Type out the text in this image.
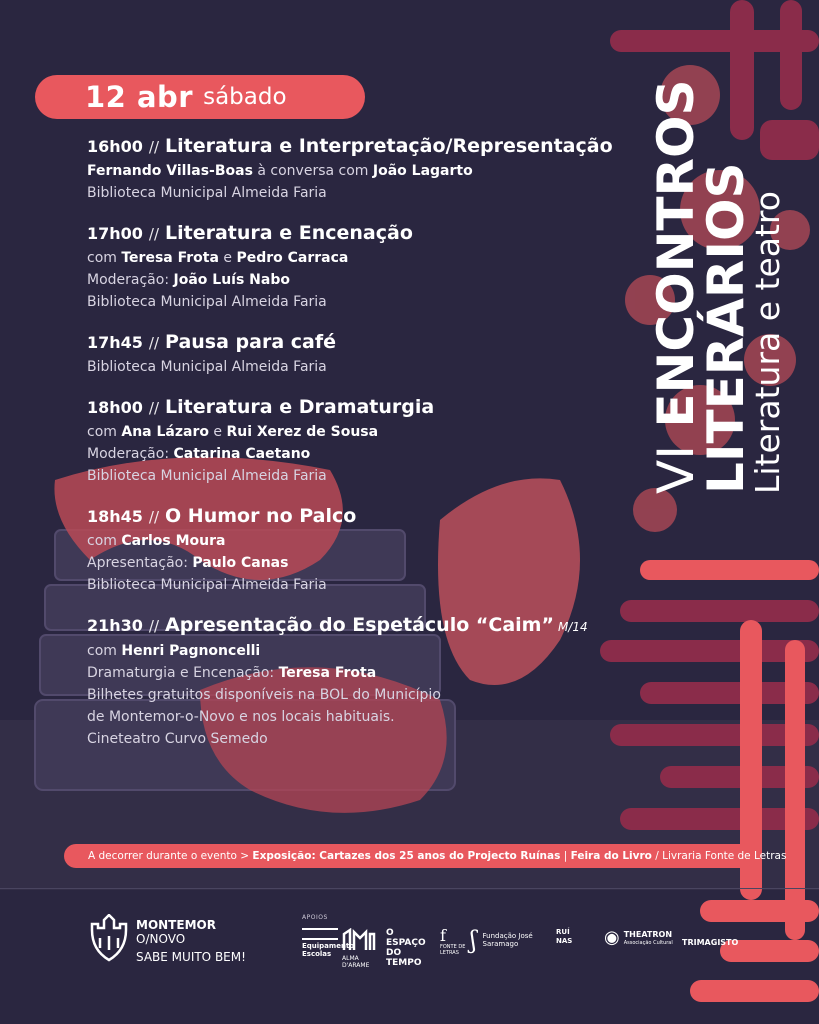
12 abr sábado
16h00 // Literatura e Interpretação/Representação
Fernando Villas-Boas à conversa com João Lagarto
Biblioteca Municipal Almeida Faria
17h00 // Literatura e Encenação
com Teresa Frota e Pedro Carraca
Moderação: João Luís Nabo
Biblioteca Municipal Almeida Faria
17h45 // Pausa para café
Biblioteca Municipal Almeida Faria
18h00 // Literatura e Dramaturgia
com Ana Lázaro e Rui Xerez de Sousa
Moderação: Catarina Caetano
Biblioteca Municipal Almeida Faria
18h45 // O Humor no Palco
com Carlos Moura
Apresentação: Paulo Canas
Biblioteca Municipal Almeida Faria
21h30 // Apresentação do Espetáculo “Caim” M/14
com Henri Pagnoncelli
Dramaturgia e Encenação: Teresa Frota
Bilhetes gratuitos disponíveis na BOL do Município
de Montemor-o-Novo e nos locais habituais.
Cineteatro Curvo Semedo
VI ENCONTROS
LITERÁRIOS
Literatura e teatro
A decorrer durante o evento > Exposição: Cartazes dos 25 anos do Projecto Ruínas | Feira do Livro / Livraria Fonte de Letras
MONTEMOR
O/NOVO
SABE MUITO BEM!
APOIOS
Equipamento Escolas
ALMA D'ARAME
O ESPAÇO DO TEMPO
f
FONTE DE LETRAS ʃ Fundação José Saramago
RUÍNAS ◉ THEATRON
Associação Cultural	TRIMAGISTO
